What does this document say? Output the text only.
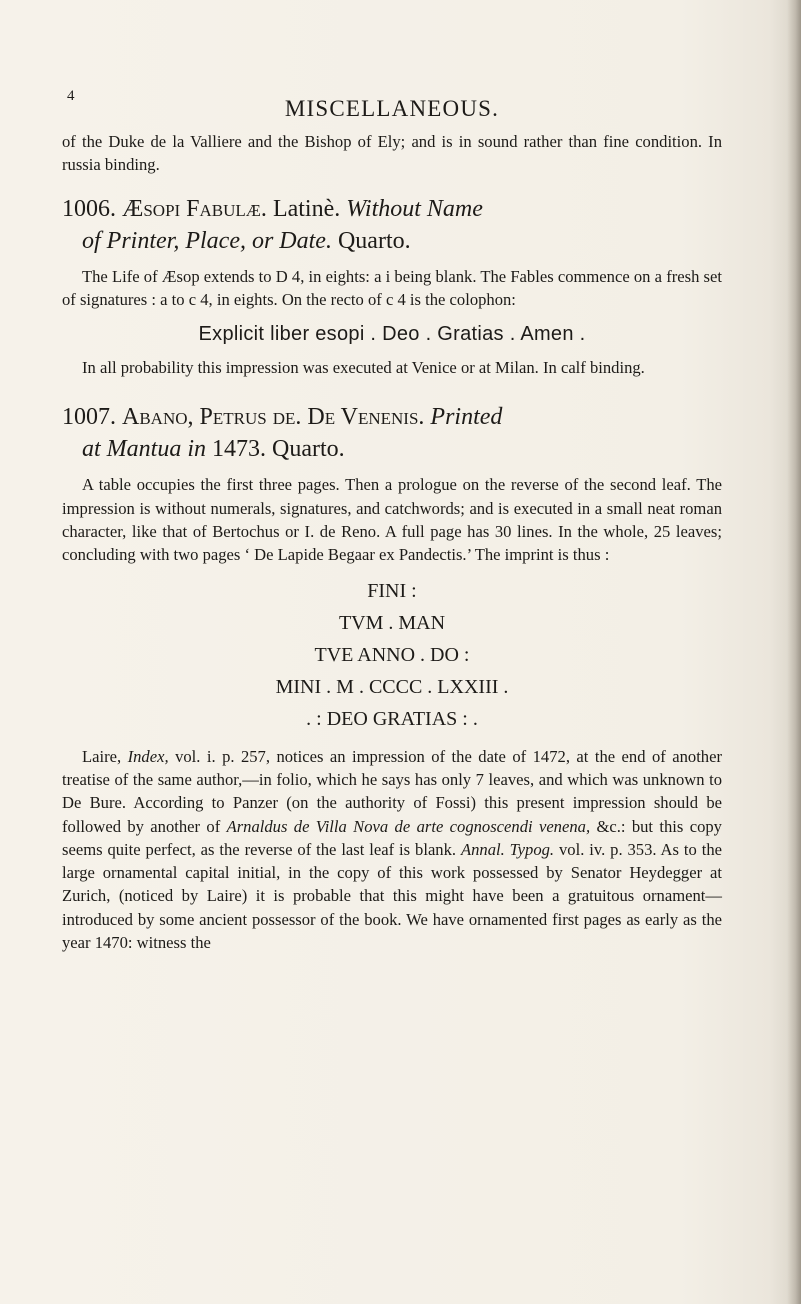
4	MISCELLANEOUS.

of the Duke de la Valliere and the Bishop of Ely; and is in sound rather than fine condition. In russia binding.

1006. Æsopi Fabulæ. Latinè. Without Name
of Printer, Place, or Date. Quarto.

The Life of Æsop extends to D 4, in eights: a i being blank. The Fables commence on a fresh set of signatures : a to c 4, in eights. On the recto of c 4 is the colophon:

Explicit liber esopi . Deo . Gratias . Amen .

In all probability this impression was executed at Venice or at Milan. In calf binding.

1007. Abano, Petrus de. De Venenis. Printed
at Mantua in 1473. Quarto.

A table occupies the first three pages. Then a prologue on the reverse of the second leaf. The impression is without numerals, signatures, and catchwords; and is executed in a small neat roman character, like that of Bertochus or I. de Reno. A full page has 30 lines. In the whole, 25 leaves; concluding with two pages ‘ De Lapide Begaar ex Pandectis.’ The imprint is thus :

FINI :
TVM . MAN
TVE ANNO . DO :
MINI . M . CCCC . LXXIII .
. : DEO GRATIAS : .

Laire, Index, vol. i. p. 257, notices an impression of the date of 1472, at the end of another treatise of the same author,—in folio, which he says has only 7 leaves, and which was unknown to De Bure. According to Panzer (on the authority of Fossi) this present impression should be followed by another of Arnaldus de Villa Nova de arte cognoscendi venena, &c.: but this copy seems quite perfect, as the reverse of the last leaf is blank. Annal. Typog. vol. iv. p. 353. As to the large ornamental capital initial, in the copy of this work possessed by Senator Heydegger at Zurich, (noticed by Laire) it is probable that this might have been a gratuitous ornament—introduced by some ancient possessor of the book. We have ornamented first pages as early as the year 1470: witness the
